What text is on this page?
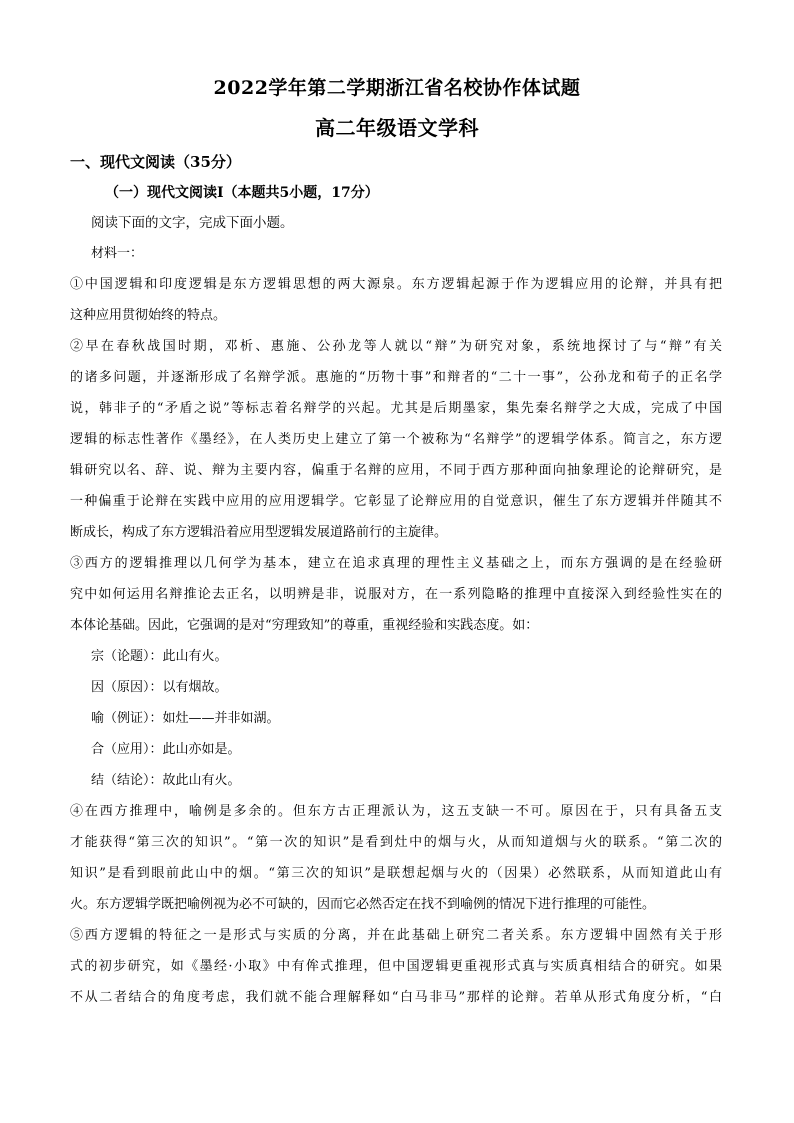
2022学年第二学期浙江省名校协作体试题
高二年级语文学科
一、现代文阅读（35分）
（一）现代文阅读Ⅰ（本题共5小题，17分）
阅读下面的文字，完成下面小题。
材料一：
①中国逻辑和印度逻辑是东方逻辑思想的两大源泉。东方逻辑起源于作为逻辑应用的论辩，并具有把
这种应用贯彻始终的特点。
②早在春秋战国时期，邓析、惠施、公孙龙等人就以“辩”为研究对象，系统地探讨了与“辩”有关
的诸多问题，并逐渐形成了名辩学派。惠施的“历物十事”和辩者的“二十一事”，公孙龙和荀子的正名学
说，韩非子的“矛盾之说”等标志着名辩学的兴起。尤其是后期墨家，集先秦名辩学之大成，完成了中国
逻辑的标志性著作《墨经》，在人类历史上建立了第一个被称为“名辩学”的逻辑学体系。简言之，东方逻
辑研究以名、辞、说、辩为主要内容，偏重于名辩的应用，不同于西方那种面向抽象理论的论辩研究，是
一种偏重于论辩在实践中应用的应用逻辑学。它彰显了论辩应用的自觉意识，催生了东方逻辑并伴随其不
断成长，构成了东方逻辑沿着应用型逻辑发展道路前行的主旋律。
③西方的逻辑推理以几何学为基本，建立在追求真理的理性主义基础之上，而东方强调的是在经验研
究中如何运用名辩推论去正名，以明辨是非，说服对方，在一系列隐略的推理中直接深入到经验性实在的
本体论基础。因此，它强调的是对“穷理致知”的尊重，重视经验和实践态度。如：
宗（论题）：此山有火。
因（原因）：以有烟故。
喻（例证）：如灶——并非如湖。
合（应用）：此山亦如是。
结（结论）：故此山有火。
④在西方推理中，喻例是多余的。但东方古正理派认为，这五支缺一不可。原因在于，只有具备五支
才能获得“第三次的知识”。“第一次的知识”是看到灶中的烟与火，从而知道烟与火的联系。“第二次的
知识”是看到眼前此山中的烟。“第三次的知识”是联想起烟与火的（因果）必然联系，从而知道此山有
火。东方逻辑学既把喻例视为必不可缺的，因而它必然否定在找不到喻例的情况下进行推理的可能性。
⑤西方逻辑的特征之一是形式与实质的分离，并在此基础上研究二者关系。东方逻辑中固然有关于形
式的初步研究，如《墨经·小取》中有侔式推理，但中国逻辑更重视形式真与实质真相结合的研究。如果
不从二者结合的角度考虑，我们就不能合理解释如“白马非马”那样的论辩。若单从形式角度分析，“白
